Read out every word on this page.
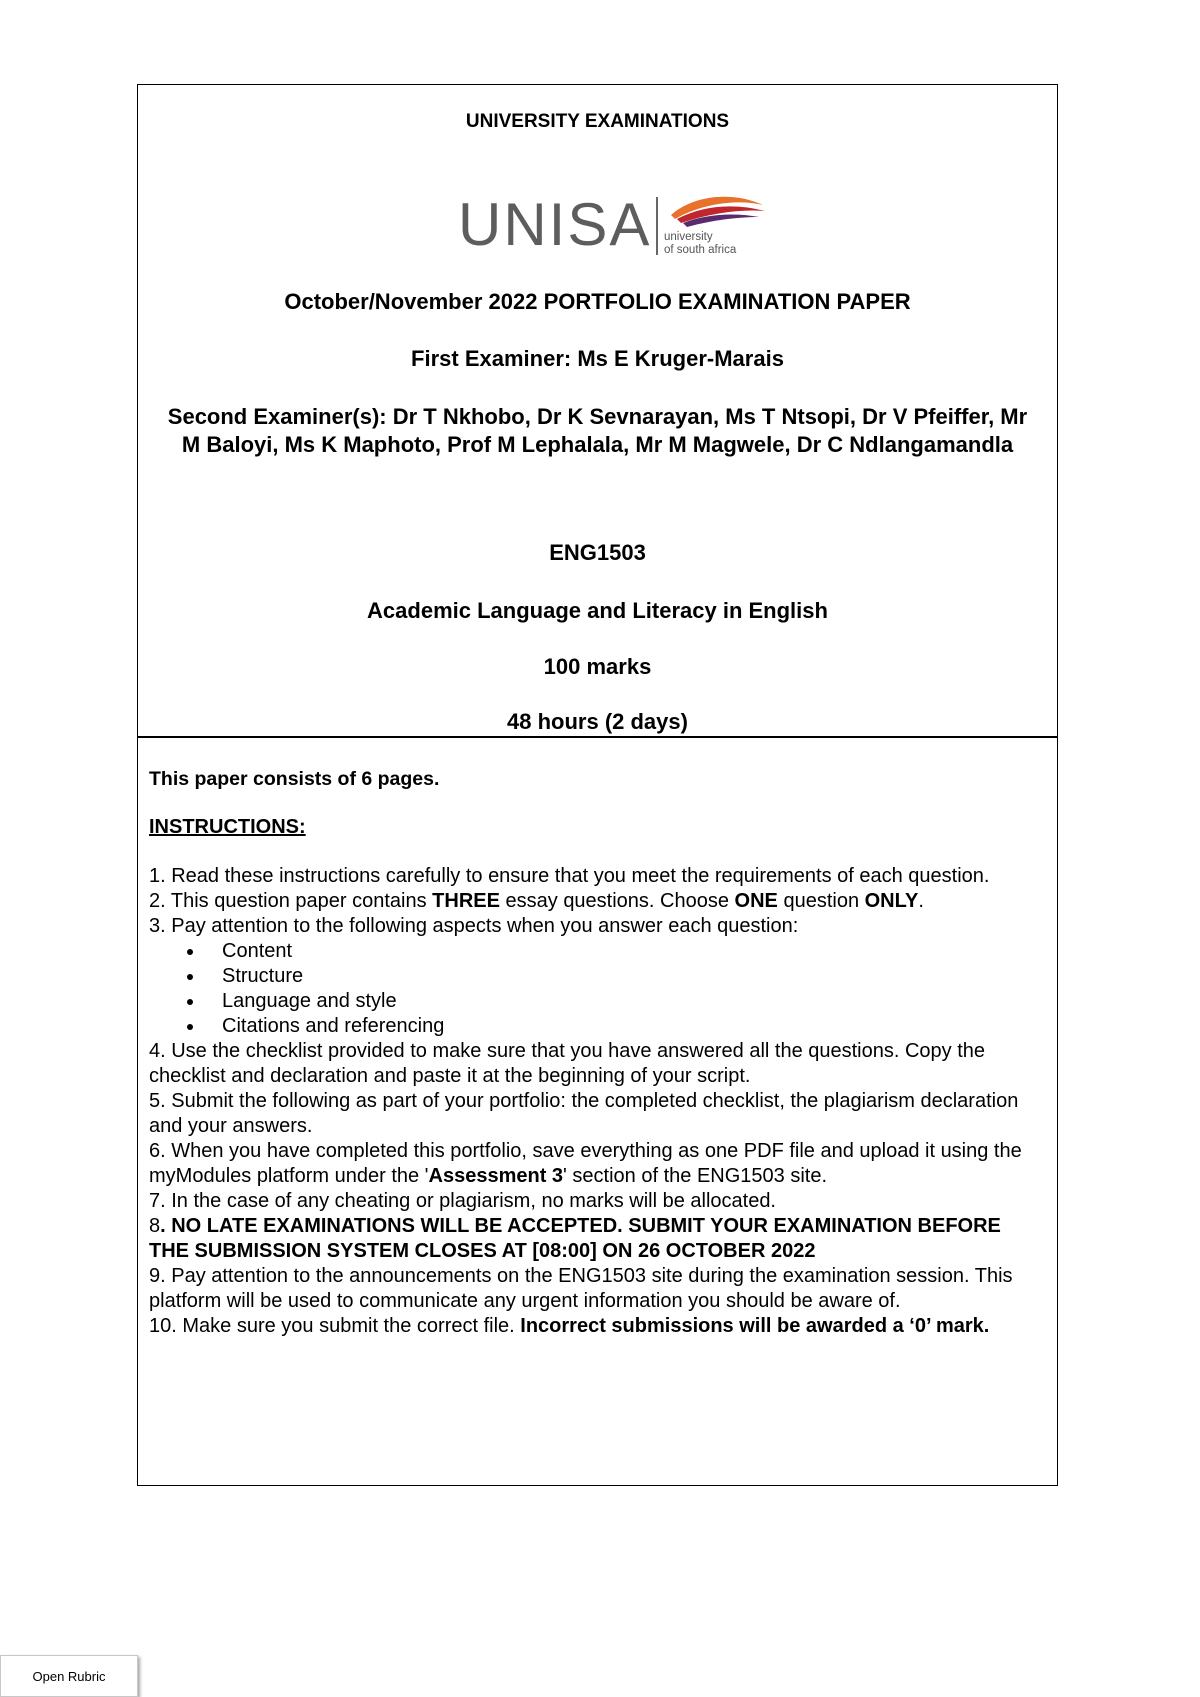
UNIVERSITY EXAMINATIONS
UNISA university
of south africa
October/November 2022 PORTFOLIO EXAMINATION PAPER
First Examiner: Ms E Kruger-Marais
Second Examiner(s): Dr T Nkhobo, Dr K Sevnarayan, Ms T Ntsopi, Dr V Pfeiffer, Mr M Baloyi, Ms K Maphoto, Prof M Lephalala, Mr M Magwele, Dr C Ndlangamandla
ENG1503
Academic Language and Literacy in English
100 marks
48 hours (2 days)
This paper consists of 6 pages.
INSTRUCTIONS:

1. Read these instructions carefully to ensure that you meet the requirements of each question.

2. This question paper contains THREE essay questions. Choose ONE question ONLY.

3. Pay attention to the following aspects when you answer each question:

Content
Structure
Language and style
Citations and referencing

4. Use the checklist provided to make sure that you have answered all the questions. Copy the checklist and declaration and paste it at the beginning of your script.

5. Submit the following as part of your portfolio: the completed checklist, the plagiarism declaration and your answers.

6. When you have completed this portfolio, save everything as one PDF file and upload it using the myModules platform under the 'Assessment 3' section of the ENG1503 site.

7. In the case of any cheating or plagiarism, no marks will be allocated.

8. NO LATE EXAMINATIONS WILL BE ACCEPTED. SUBMIT YOUR EXAMINATION BEFORE THE SUBMISSION SYSTEM CLOSES AT [08:00] ON 26 OCTOBER 2022

9. Pay attention to the announcements on the ENG1503 site during the examination session. This platform will be used to communicate any urgent information you should be aware of.

10. Make sure you submit the correct file. Incorrect submissions will be awarded a ‘0’ mark.

Open Rubric
